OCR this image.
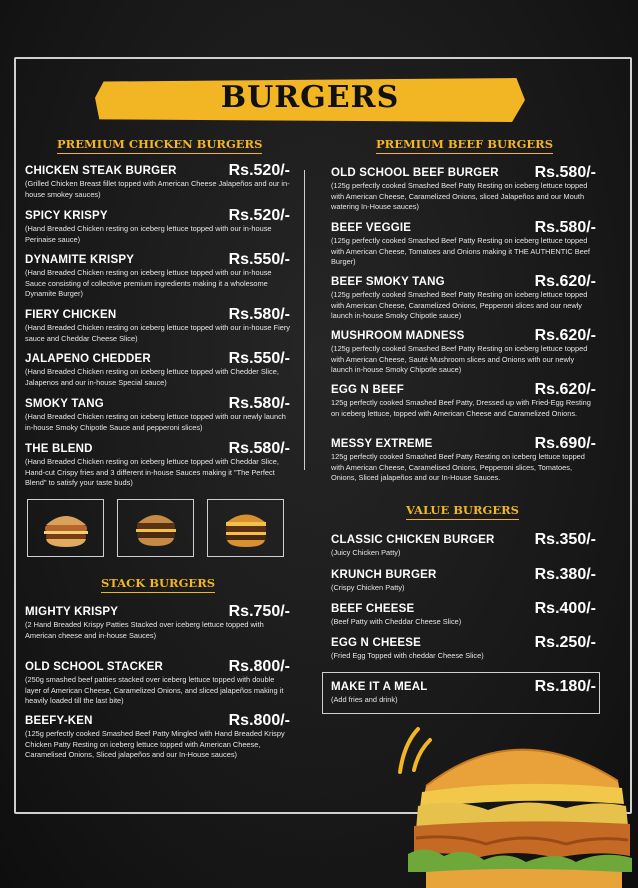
BURGERS
PREMIUM CHICKEN BURGERS	PREMIUM BEEF BURGERS
STACK BURGERS
VALUE BURGERS
CHICKEN STEAK BURGER	Rs.520/-
(Grilled Chicken Breast fillet topped with American Cheese Jalapeños and our in-house smokey sauces)
SPICY KRISPY	Rs.520/-
(Hand Breaded Chicken resting on iceberg lettuce topped with our in-house Perinaise sauce)
DYNAMITE KRISPY	Rs.550/-
(Hand Breaded Chicken resting on iceberg lettuce topped with our in-house Sauce consisting of collective premium ingredients making it a wholesome Dynamite Burger)
FIERY CHICKEN	Rs.580/-
(Hand Breaded Chicken resting on iceberg lettuce topped with our in-house Fiery sauce and Cheddar Cheese Slice)
JALAPENO CHEDDER	Rs.550/-
(Hand Breaded Chicken resting on iceberg lettuce topped with Chedder Slice, Jalapenos and our in-house Special sauce)
SMOKY TANG	Rs.580/-
(Hand Breaded Chicken resting on iceberg lettuce topped with our newly launch in-house Smoky Chipotle Sauce and pepperoni slices)
THE BLEND	Rs.580/-
(Hand Breaded Chicken resting on iceberg lettuce topped with Cheddar Slice, Hand-cut Crispy fries and 3 different in-house Sauces making it "The Perfect Blend" to satisfy your taste buds)
MIGHTY KRISPY	Rs.750/-
(2 Hand Breaded Krispy Patties Stacked over iceberg lettuce topped with American cheese and in-house Sauces)
OLD SCHOOL STACKER	Rs.800/-
(250g smashed beef patties stacked over iceberg lettuce topped with double layer of American Cheese, Caramelized Onions, and sliced jalapeños making it heavily loaded till the last bite)
BEEFY-KEN	Rs.800/-
(125g perfectly cooked Smashed Beef Patty Mingled with Hand Breaded Krispy Chicken Patty Resting on iceberg lettuce topped with American Cheese, Caramelised Onions, Sliced jalapeños and our In-House sauces)
OLD SCHOOL BEEF BURGER	Rs.580/-
(125g perfectly cooked Smashed Beef Patty Resting on iceberg lettuce topped with American Cheese, Caramelized Onions, sliced Jalapeños and our Mouth watering In-House sauces)
BEEF VEGGIE	Rs.580/-
(125g perfectly cooked Smashed Beef Patty Resting on iceberg lettuce topped with American Cheese, Tomatoes and Onions making it THE AUTHENTIC Beef Burger)
BEEF SMOKY TANG	Rs.620/-
(125g perfectly cooked Smashed Beef Patty Resting on iceberg lettuce topped with American Cheese, Caramelized Onions, Pepperoni slices and our newly launch in-house Smoky Chipotle sauce)
MUSHROOM MADNESS	Rs.620/-
(125g perfectly cooked Smashed Beef Patty Resting on iceberg lettuce topped with American Cheese, Sauté Mushroom slices and Onions with our newly launch in-house Smoky Chipotle sauce)
EGG N BEEF	Rs.620/-
125g perfectly cooked Smashed Beef Patty, Dressed up with Fried-Egg Resting on iceberg lettuce, topped with American Cheese and Caramelized Onions.
MESSY EXTREME	Rs.690/-
125g perfectly cooked Smashed Beef Patty Resting on iceberg lettuce topped with American Cheese, Caramelised Onions, Pepperoni slices, Tomatoes, Onions, Sliced jalapeños and our In-House Sauces.
CLASSIC CHICKEN BURGER	Rs.350/-
(Juicy Chicken Patty)
KRUNCH BURGER	Rs.380/-
(Crispy Chicken Patty)
BEEF CHEESE	Rs.400/-
(Beef Patty with Cheddar Cheese Slice)
EGG N CHEESE	Rs.250/-
(Fried Egg Topped with cheddar Cheese Slice)
MAKE IT A MEAL	Rs.180/-
(Add fries and drink)
